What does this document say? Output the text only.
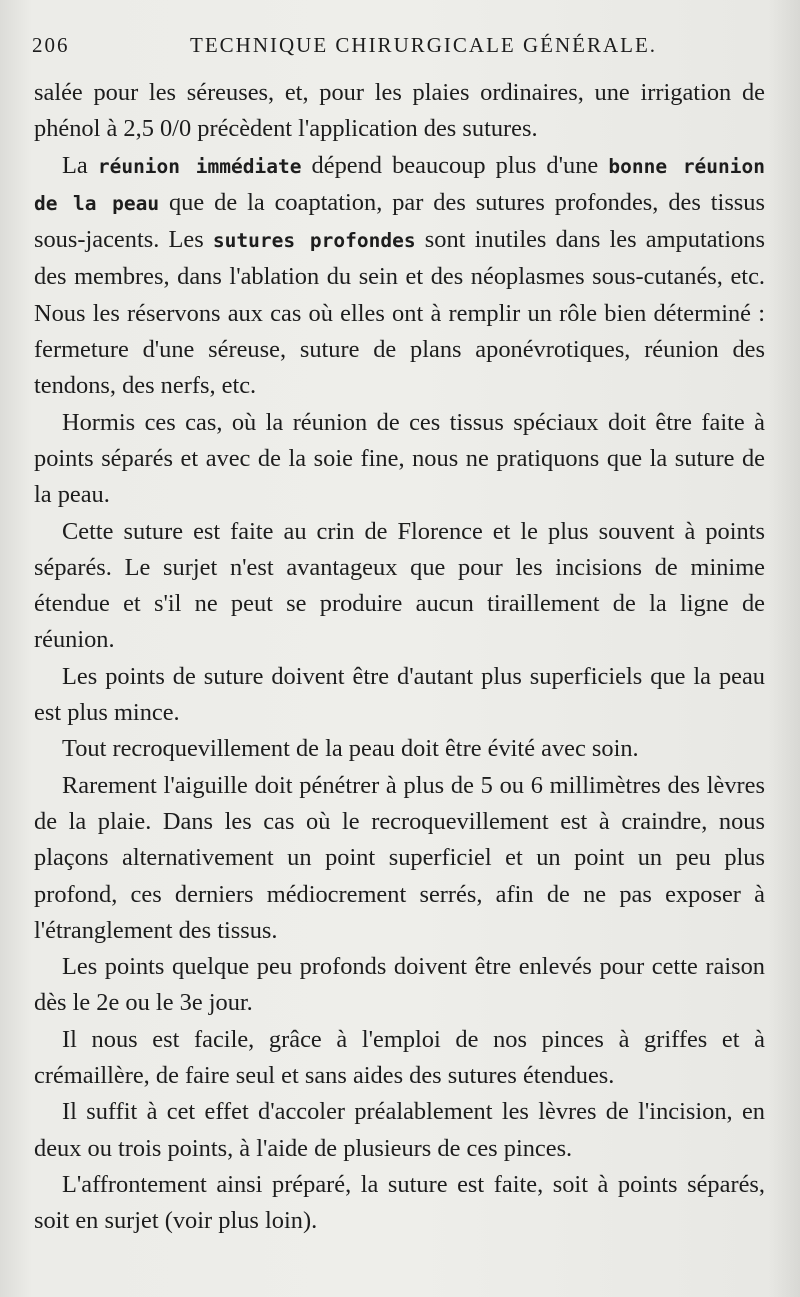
206	TECHNIQUE CHIRURGICALE GÉNÉRALE.

salée pour les séreuses, et, pour les plaies ordinaires, une irrigation de phénol à 2,5 0/0 précèdent l'application des sutures.

La réunion immédiate dépend beaucoup plus d'une bonne réunion de la peau que de la coaptation, par des sutures profondes, des tissus sous-jacents. Les sutures profondes sont inutiles dans les amputations des membres, dans l'ablation du sein et des néoplasmes sous-cutanés, etc. Nous les réservons aux cas où elles ont à remplir un rôle bien déterminé : fermeture d'une séreuse, suture de plans aponévrotiques, réunion des tendons, des nerfs, etc.

Hormis ces cas, où la réunion de ces tissus spéciaux doit être faite à points séparés et avec de la soie fine, nous ne pratiquons que la suture de la peau.

Cette suture est faite au crin de Florence et le plus souvent à points séparés. Le surjet n'est avantageux que pour les incisions de minime étendue et s'il ne peut se produire aucun tiraillement de la ligne de réunion.

Les points de suture doivent être d'autant plus superficiels que la peau est plus mince.

Tout recroquevillement de la peau doit être évité avec soin.

Rarement l'aiguille doit pénétrer à plus de 5 ou 6 millimètres des lèvres de la plaie. Dans les cas où le recroquevillement est à craindre, nous plaçons alternativement un point superficiel et un point un peu plus profond, ces derniers médiocrement serrés, afin de ne pas exposer à l'étranglement des tissus.

Les points quelque peu profonds doivent être enlevés pour cette raison dès le 2e ou le 3e jour.

Il nous est facile, grâce à l'emploi de nos pinces à griffes et à crémaillère, de faire seul et sans aides des sutures étendues.

Il suffit à cet effet d'accoler préalablement les lèvres de l'incision, en deux ou trois points, à l'aide de plusieurs de ces pinces.

L'affrontement ainsi préparé, la suture est faite, soit à points séparés, soit en surjet (voir plus loin).
